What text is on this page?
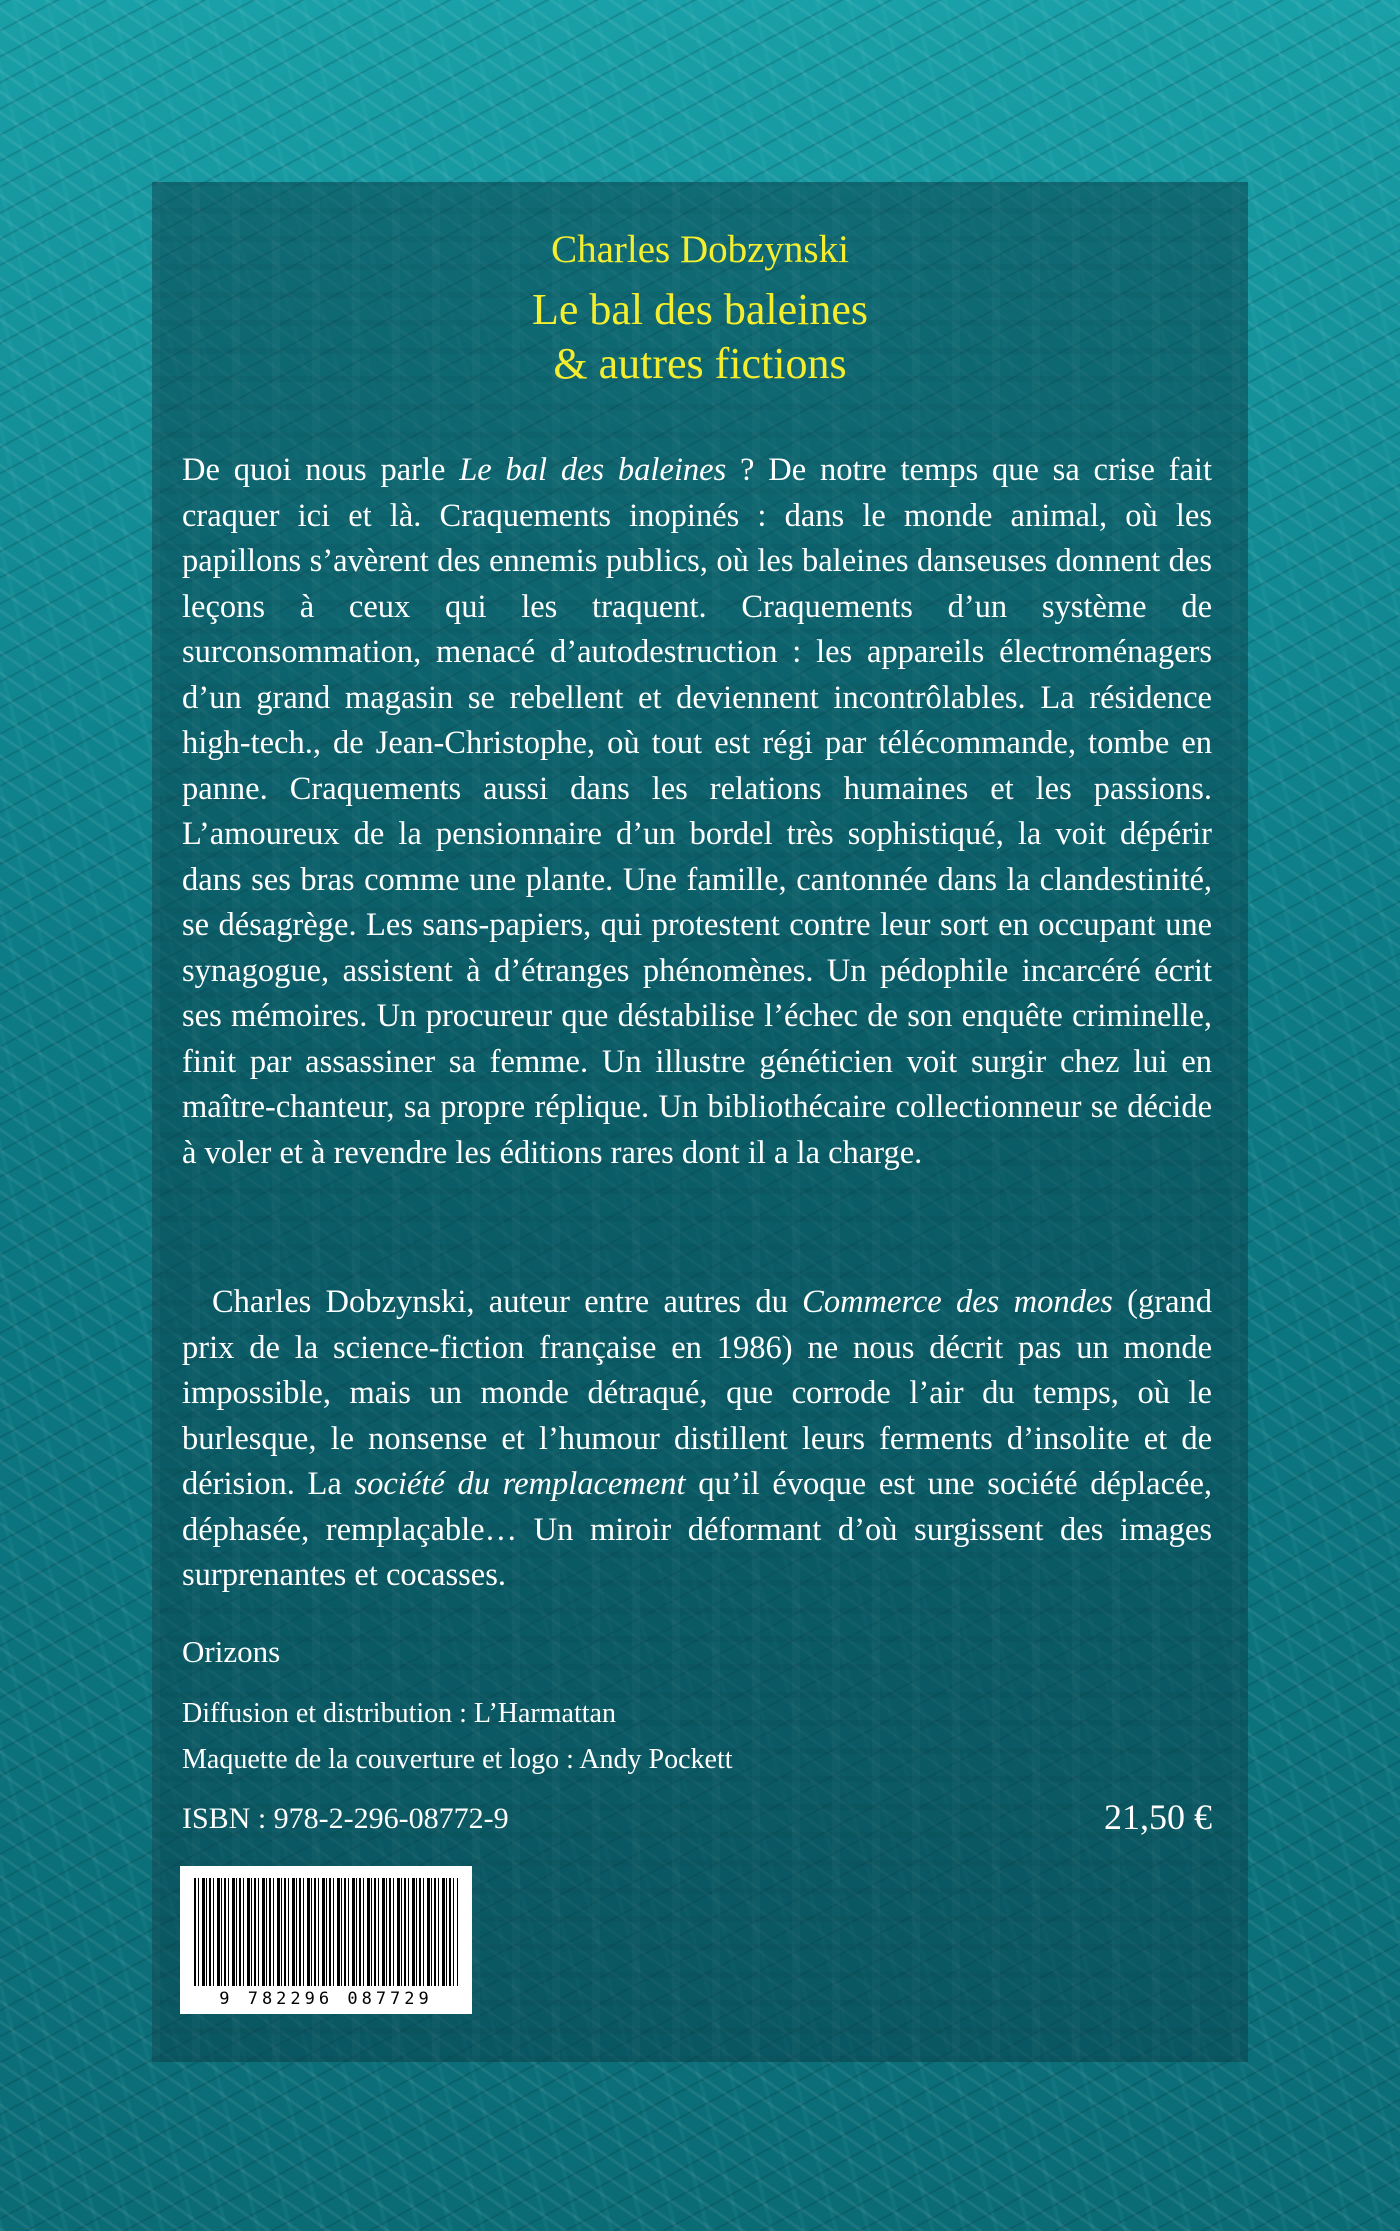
Charles Dobzynski
Le bal des baleines
& autres fictions

De quoi nous parle Le bal des baleines ? De notre temps que sa crise fait craquer ici et là. Craquements inopinés : dans le monde animal, où les papillons s’avèrent des ennemis publics, où les baleines danseuses donnent des leçons à ceux qui les traquent. Craquements d’un système de surconsommation, menacé d’autodestruction : les appareils électroménagers d’un grand magasin se rebellent et deviennent incontrôlables. La résidence high-tech., de Jean-Christophe, où tout est régi par télécommande, tombe en panne. Craquements aussi dans les relations humaines et les passions. L’amoureux de la pensionnaire d’un bordel très sophistiqué, la voit dépérir dans ses bras comme une plante. Une famille, cantonnée dans la clandestinité, se désagrège. Les sans-papiers, qui protestent contre leur sort en occupant une synagogue, assistent à d’étranges phénomènes. Un pédophile incarcéré écrit ses mémoires. Un procureur que déstabilise l’échec de son enquête criminelle, finit par assassiner sa femme. Un illustre généticien voit surgir chez lui en maître-chanteur, sa propre réplique. Un bibliothécaire collectionneur se décide à voler et à revendre les éditions rares dont il a la charge.

Charles Dobzynski, auteur entre autres du Commerce des mondes (grand prix de la science-fiction française en 1986) ne nous décrit pas un monde impossible, mais un monde détraqué, que corrode l’air du temps, où le burlesque, le nonsense et l’humour distillent leurs ferments d’insolite et de dérision. La société du remplacement qu’il évoque est une société déplacée, déphasée, remplaçable… Un miroir déformant d’où surgissent des images surprenantes et cocasses.

Orizons
Diffusion et distribution : L’Harmattan
Maquette de la couverture et logo : Andy Pockett
ISBN : 978-2-296-08772-9	21,50 €
9 782296 087729
